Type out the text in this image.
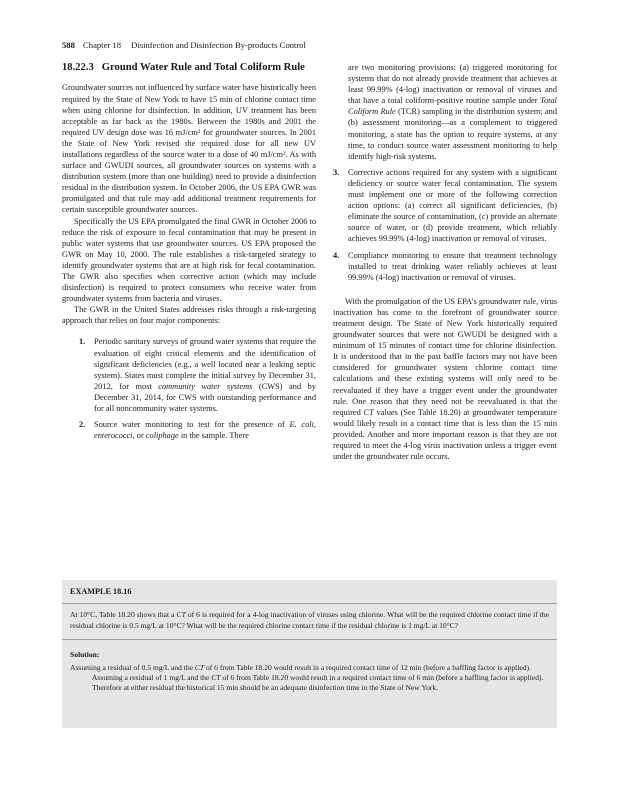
588 Chapter 18 Disinfection and Disinfection By-products Control
18.22.3 Ground Water Rule and Total Coliform Rule

Groundwater sources not influenced by surface water have historically been required by the State of New York to have 15 min of chlorine contact time when using chlorine for disinfection. In addition, UV treatment has been acceptable as far back as the 1980s. Between the 1980s and 2001 the required UV design dose was 16 mJ/cm² for groundwater sources. In 2001 the State of New York revised the required dose for all new UV installations regardless of the source water to a dose of 40 mJ/cm². As with surface and GWUDI sources, all groundwater sources on systems with a distribution system (more than one building) need to provide a disinfection residual in the distribution system. In October 2006, the US EPA GWR was promulgated and that rule may add additional treatment requirements for certain susceptible groundwater sources.

Specifically the US EPA promulgated the final GWR in October 2006 to reduce the risk of exposure to fecal contamination that may be present in public water systems that use groundwater sources. US EPA proposed the GWR on May 10, 2000. The rule establishes a risk-targeted strategy to identify groundwater systems that are at high risk for fecal contamination. The GWR also specifies when corrective action (which may include disinfection) is required to protect consumers who receive water from groundwater systems from bacteria and viruses.

The GWR in the United States addresses risks through a risk-targeting approach that relies on four major components:

1. Periodic sanitary surveys of ground water systems that require the evaluation of eight critical elements and the identification of significant deficiencies (e.g., a well located near a leaking septic system). States must complete the initial survey by December 31, 2012, for most community water systems (CWS) and by December 31, 2014, for CWS with outstanding performance and for all noncommunity water systems.
2. Source water monitoring to test for the presence of E. coli, enterococci, or coliphage in the sample. There
are two monitoring provisions: (a) triggered monitoring for systems that do not already provide treatment that achieves at least 99.99% (4-log) inactivation or removal of viruses and that have a total coliform-positive routine sample under Total Coliform Rule (TCR) sampling in the distribution system; and (b) assessment monitoring—as a complement to triggered monitoring, a state has the option to require systems, at any time, to conduct source water assessment monitoring to help identify high-risk systems.
3. Corrective actions required for any system with a significant deficiency or source water fecal contamination. The system must implement one or more of the following correction action options: (a) correct all significant deficiencies, (b) eliminate the source of contamination, (c) provide an alternate source of water, or (d) provide treatment, which reliably achieves 99.99% (4-log) inactivation or removal of viruses.
4. Compliance monitoring to ensure that treatment technology installed to treat drinking water reliably achieves at least 99.99% (4-log) inactivation or removal of viruses.

With the promulgation of the US EPA’s groundwater rule, virus inactivation has come to the forefront of groundwater source treatment design. The State of New York historically required groundwater sources that were not GWUDI be designed with a minimum of 15 minutes of contact time for chlorine disinfection. It is understood that in the past baffle factors may not have been considered for groundwater system chlorine contact time calculations and these existing systems will only need to be reevaluated if they have a trigger event under the groundwater rule. One reason that they need not be reevaluated is that the required CT values (See Table 18.20) at groundwater temperature would likely result in a contact time that is less than the 15 min provided. Another and more important reason is that they are not required to meet the 4-log virus inactivation unless a trigger event under the groundwater rule occurs.

EXAMPLE 18.16

At 10°C, Table 18.20 shows that a CT of 6 is required for a 4-log inactivation of viruses using chlorine. What will be the required chlorine contact time if the residual chlorine is 0.5 mg/L at 10°C? What will be the required chlorine contact time if the residual chlorine is 1 mg/L at 10°C?

Solution:

Assuming a residual of 0.5 mg/L and the CT of 6 from Table 18.20 would result in a required contact time of 12 min (before a baffling factor is applied).

Assuming a residual of 1 mg/L and the CT of 6 from Table 18.20 would result in a required contact time of 6 min (before a baffling factor is applied).

Therefore at either residual the historical 15 min should be an adequate disinfection time in the State of New York.
